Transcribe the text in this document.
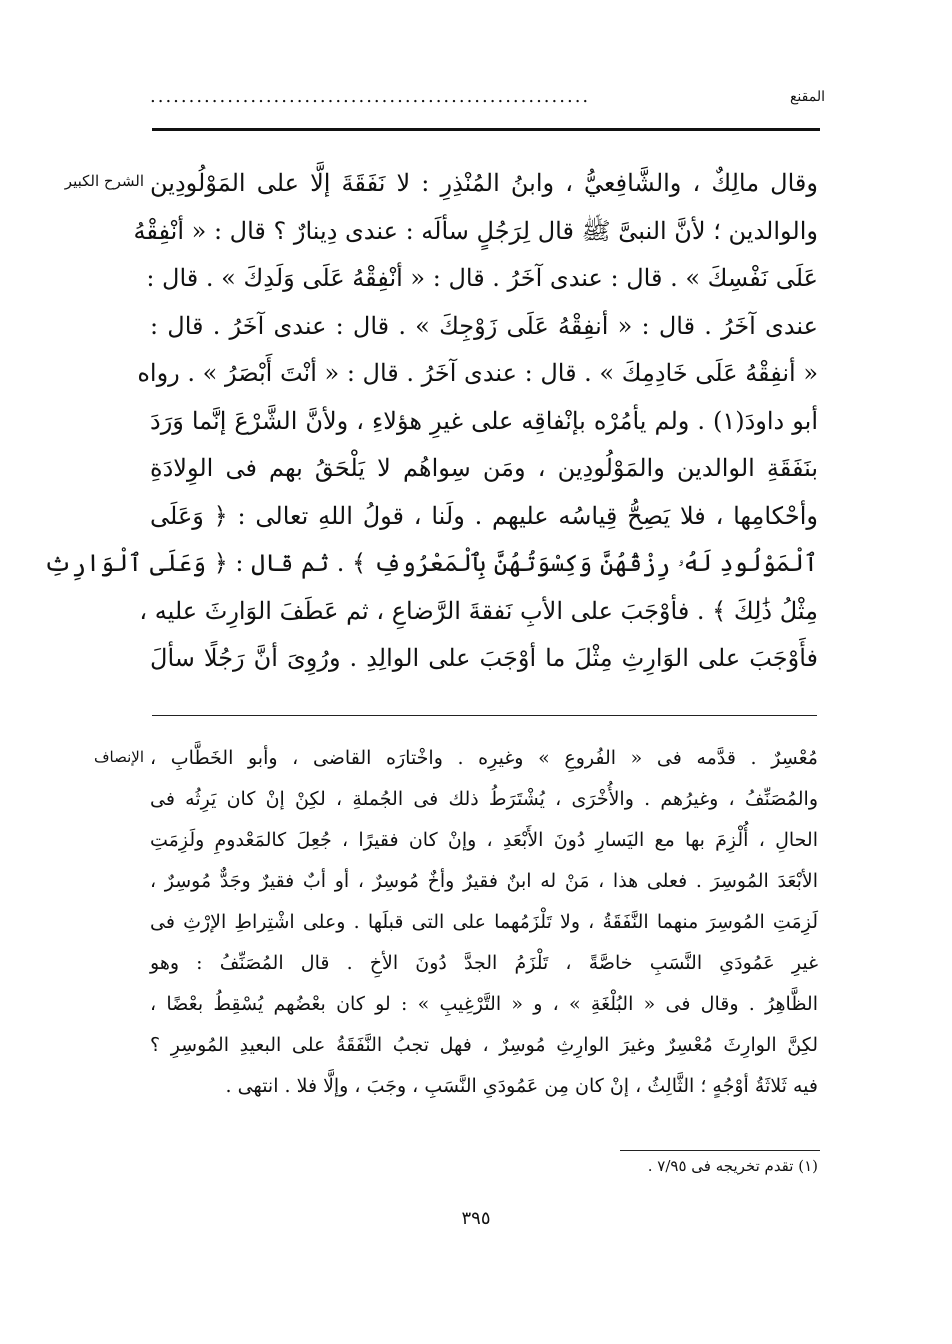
المقنع
.........................................................
الشرح الكبير وقال مالِكٌ ، والشَّافِعيُّ ، وابنُ المُنْذِرِ : لا نَفَقَةَ إلَّا على المَوْلُودِين

والوالدين ؛ لأنَّ النبىَّ ﷺ قال لِرَجُلٍ سألَه : عندى دِينارٌ ؟ قال : « أنْفِقْهُ

عَلَى نَفْسِكَ » . قال : عندى آخَرُ . قال : « أنْفِقْهُ عَلَى وَلَدِكَ » . قال :

عندى آخَرُ . قال : « أنفِقْهُ عَلَى زَوْجِكَ » . قال : عندى آخَرُ . قال :

« أنفِقْهُ عَلَى خَادِمِكَ » . قال : عندى آخَرُ . قال : « أنْتَ أَبْصَرُ » . رواه

أبو داودَ(١) . ولم يأمُرْه بإنْفاقِه على غيرِ هؤلاءِ ، ولأنَّ الشَّرْعَ إنَّما وَرَدَ

بنَفَقَةِ الوالدين والمَوْلُودِين ، ومَن سِواهُم لا يَلْحَقُ بهم فى الوِلادَةِ

وأحْكامِها ، فلا يَصِحُّ قِياسُه عليهم . ولَنا ، قولُ اللهِ تعالى : ﴿ وَعَلَى

ٱلْمَوْلُودِ لَهُۥ رِزْقُهُنَّ وَكِسْوَتُهُنَّ بِٱلْمَعْرُوفِ ﴾ . ثم قال : ﴿ وَعَلَى ٱلْوَارِثِ

مِثْلُ ذَٰلِكَ ﴾ . فأوْجَبَ على الأبِ نَفقةَ الرَّضاعِ ، ثم عَطَفَ الوَارِثَ عليه ،

فأَوْجَبَ على الوَارِثِ مِثْلَ ما أوْجَبَ على الوالِدِ . ورُوِىَ أنَّ رَجُلًا سألَ

الإنصاف مُعْسِرٌ . قدَّمه فى « الفُروعِ » وغيرِه . واخْتارَه القاضى ، وأبو الخَطَّابِ ،

والمُصَنِّفُ ، وغيرُهم . والأُخْرَى ، يُشْتَرَطُ ذلك فى الجُملةِ ، لكِنْ إنْ كان يَرِثُه فى

الحالِ ، أُلْزِمَ بها مع اليَسارِ دُونَ الأَبْعَدِ ، وإنْ كان فقيرًا ، جُعِلَ كالمَعْدومِ ولَزِمَتِ

الأبْعَدَ المُوسِرَ . فعلى هذا ، مَنْ له ابنٌ فقيرٌ وأخٌ مُوسِرٌ ، أو أبٌ فقيرٌ وجَدٌّ مُوسِرٌ ،

لَزِمَتِ المُوسِرَ منهما النَّفَقَةُ ، ولا تَلْزَمُهما على التى قبلَها . وعلى اشْتِراطِ الإرْثِ فى

غيرِ عَمُودَىِ النَّسَبِ خاصَّةً ، تَلْزَمُ الجدَّ دُونَ الأخِ . قال المُصَنِّفُ : وهو

الظَّاهِرُ . وقال فى « البُلْغَةِ » ، و « التَّرْغِيبِ » : لو كان بعْضُهم يُسْقِطُ بعْضًا ،

لكِنَّ الوارِثَ مُعْسِرٌ وغيرَ الوارِثِ مُوسِرٌ ، فهل تجبُ النَّفَقَةُ على البعيدِ المُوسِرِ ؟

فيه ثَلاثَةُ أوْجُهٍ ؛ الثَّالِثُ ، إنْ كان مِن عَمُودَىِ النَّسَبِ ، وجَبَ ، وإلَّا فلا . انتهى .

(١) تقدم تخريجه فى ٧/٩٥ .
٣٩٥
